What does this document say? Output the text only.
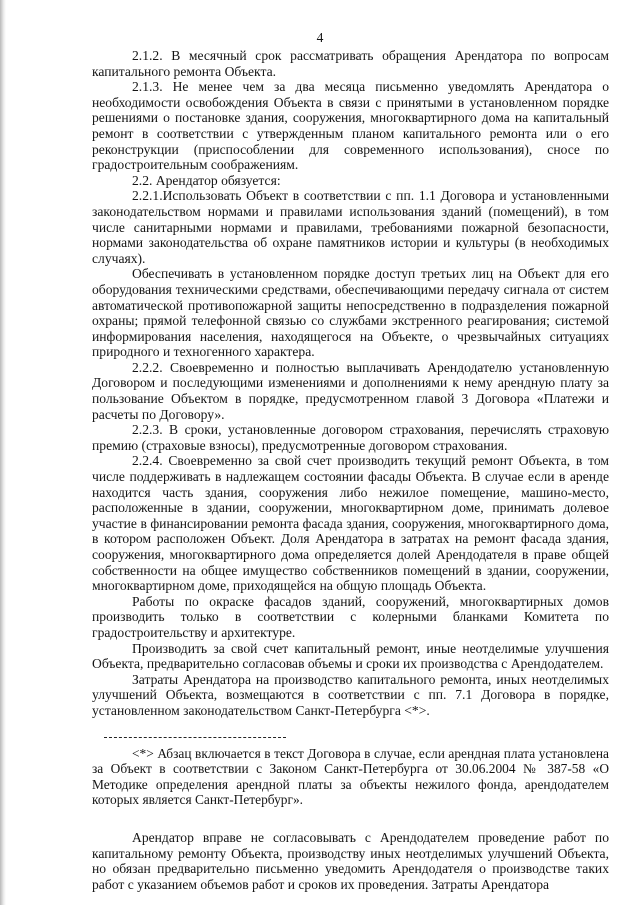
4

2.1.2. В месячный срок рассматривать обращения Арендатора по вопросам капитального ремонта Объекта.

2.1.3. Не менее чем за два месяца письменно уведомлять Арендатора о необходимости освобождения Объекта в связи с принятыми в установленном порядке решениями о постановке здания, сооружения, многоквартирного дома на капитальный ремонт в соответствии с утвержденным планом капитального ремонта или о его реконструкции (приспособлении для современного использования), сносе по градостроительным соображениям.

2.2. Арендатор обязуется:

2.2.1.Использовать Объект в соответствии с пп. 1.1 Договора и установленными законодательством нормами и правилами использования зданий (помещений), в том числе санитарными нормами и правилами, требованиями пожарной безопасности, нормами законодательства об охране памятников истории и культуры (в необходимых случаях).

Обеспечивать в установленном порядке доступ третьих лиц на Объект для его оборудования техническими средствами, обеспечивающими передачу сигнала от систем автоматической противопожарной защиты непосредственно в подразделения пожарной охраны; прямой телефонной связью со службами экстренного реагирования; системой информирования населения, находящегося на Объекте, о чрезвычайных ситуациях природного и техногенного характера.

2.2.2. Своевременно и полностью выплачивать Арендодателю установленную Договором и последующими изменениями и дополнениями к нему арендную плату за пользование Объектом в порядке, предусмотренном главой 3 Договора «Платежи и расчеты по Договору».

2.2.3. В сроки, установленные договором страхования, перечислять страховую премию (страховые взносы), предусмотренные договором страхования.

2.2.4. Своевременно за свой счет производить текущий ремонт Объекта, в том числе поддерживать в надлежащем состоянии фасады Объекта. В случае если в аренде находится часть здания, сооружения либо нежилое помещение, машино-место, расположенные в здании, сооружении, многоквартирном доме, принимать долевое участие в финансировании ремонта фасада здания, сооружения, многоквартирного дома, в котором расположен Объект. Доля Арендатора в затратах на ремонт фасада здания, сооружения, многоквартирного дома определяется долей Арендодателя в праве общей собственности на общее имущество собственников помещений в здании, сооружении, многоквартирном доме, приходящейся на общую площадь Объекта.

Работы по окраске фасадов зданий, сооружений, многоквартирных домов производить только в соответствии с колерными бланками Комитета по градостроительству и архитектуре.

Производить за свой счет капитальный ремонт, иные неотделимые улучшения Объекта, предварительно согласовав объемы и сроки их производства с Арендодателем.

Затраты Арендатора на производство капитального ремонта, иных неотделимых улучшений Объекта, возмещаются в соответствии с пп. 7.1 Договора в порядке, установленном законодательством Санкт-Петербурга <*>.

<*> Абзац включается в текст Договора в случае, если арендная плата установлена за Объект в соответствии с Законом Санкт-Петербурга от 30.06.2004 № 387-58 «О Методике определения арендной платы за объекты нежилого фонда, арендодателем которых является Санкт-Петербург».

Арендатор вправе не согласовывать с Арендодателем проведение работ по капитальному ремонту Объекта, производству иных неотделимых улучшений Объекта, но обязан предварительно письменно уведомить Арендодателя о производстве таких работ с указанием объемов работ и сроков их проведения. Затраты Арендатора
